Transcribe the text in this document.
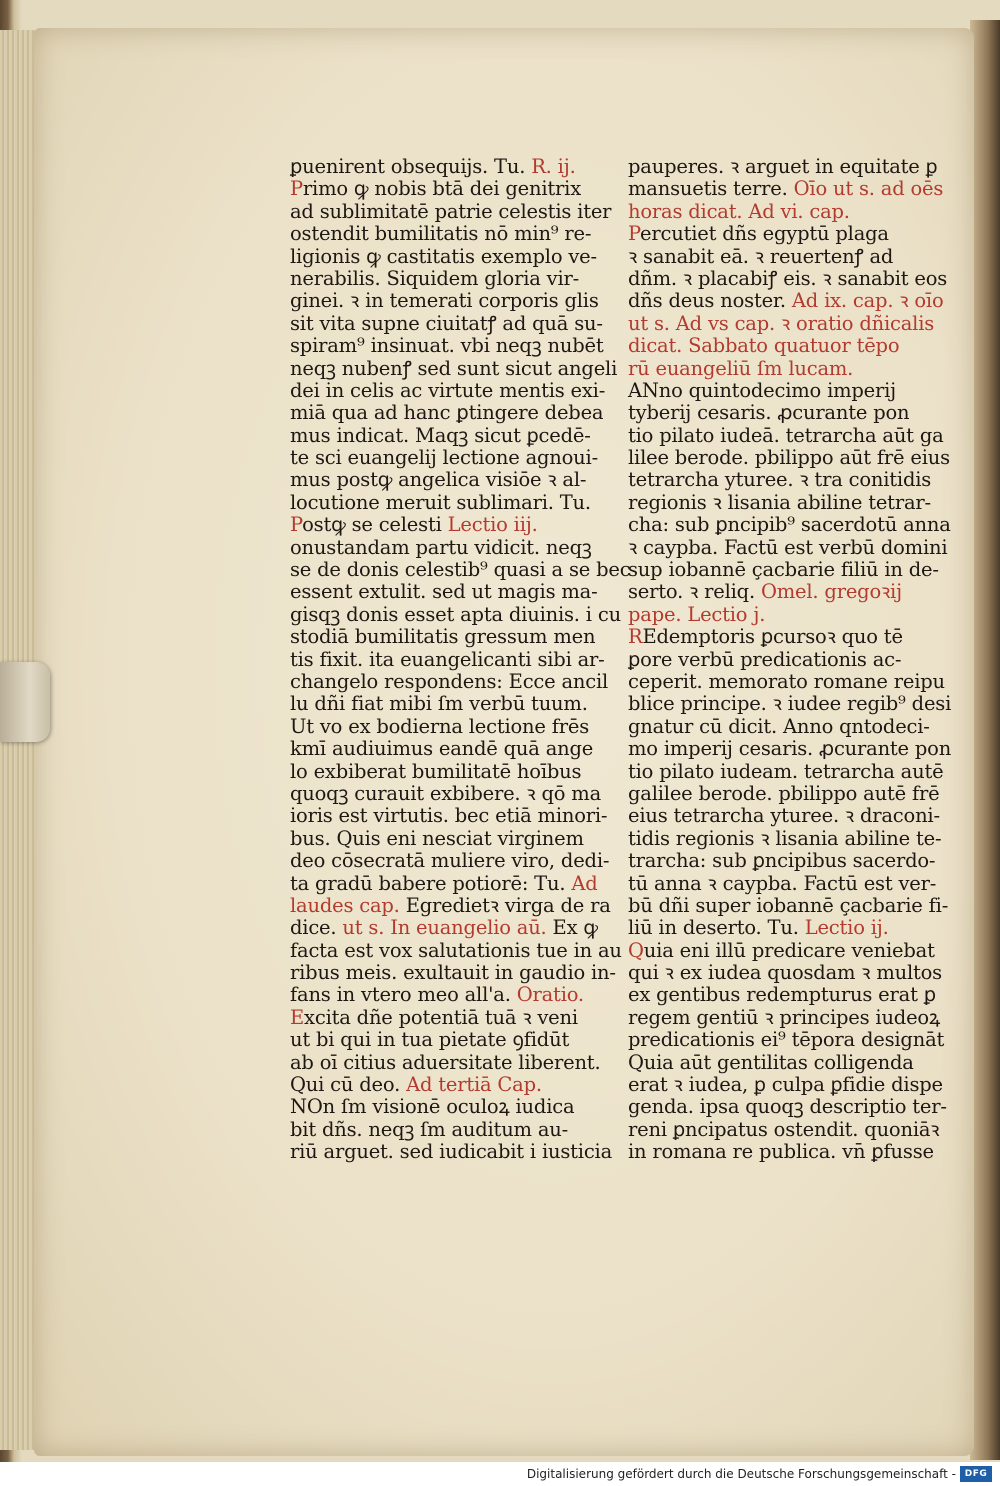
ꝑuenirent obsequijs. Tu. R. ij.
Primo ꝙ nobis btā dei genitrix
ad sublimitatē patrie celestis iter
ostendit bumilitatis nō min⁹ re-
ligionis ꝙ castitatis exemplo ve-
nerabilis. Siquidem gloria vir-
ginei. ꝛ in temerati corporis glis
sit vita supne ciuitatꝭ ad quā su-
spiram⁹ insinuat. vbi neqꝫ nubēt
neqꝫ nubenꝭ sed sunt sicut angeli
dei in celis ac virtute mentis exi-
miā qua ad hanc ꝑtingere debea
mus indicat. Maqꝫ sicut ꝑcedē-
te sci euangelij lectione agnoui-
mus postꝙ angelica visiōe ꝛ al-
locutione meruit sublimari. Tu.
Postꝙ se celesti Lectio iij.
onustandam partu vidicit. neqꝫ
se de donis celestib⁹ quasi a se bec
essent extulit. sed ut magis ma-
gisqꝫ donis esset apta diuinis. i cu
stodiā bumilitatis gressum men
tis fixit. ita euangelicanti sibi ar-
changelo respondens: Ecce ancil
lu dñi fiat mibi ſm verbū tuum.
Ut vo ex bodierna lectione frēs
kmī audiuimus eandē quā ange
lo exbiberat bumilitatē hoībus
quoqꝫ curauit exbibere. ꝛ qō ma
ioris est virtutis. bec etiā minori-
bus. Quis eni nesciat virginem
deo cōsecratā muliere viro, dedi-
ta gradū babere potiorē: Tu. Ad
laudes cap. Egredietꝛ virga de ra
dice. ut s. In euangelio aū. Ex ꝙ
facta est vox salutationis tue in au
ribus meis. exultauit in gaudio in-
fans in vtero meo all'a. Oratio.
Excita dñe potentiā tuā ꝛ veni
ut bi qui in tua pietate ꝯfidūt
ab oī citius aduersitate liberent.
Qui cū deo. Ad tertiā Cap.
NOn ſm visionē oculoꝝ iudica
bit dñs. neqꝫ ſm auditum au-
riū arguet. sed iudicabit i iusticia
pauperes. ꝛ arguet in equitate ꝑ
mansuetis terre. Oīo ut s. ad oēs
horas dicat. Ad vi. cap.
Percutiet dñs egyptū plaga
ꝛ sanabit eā. ꝛ reuertenꝭ ad
dñm. ꝛ placabiꝭ eis. ꝛ sanabit eos
dñs deus noster. Ad ix. cap. ꝛ oīo
ut s. Ad vs cap. ꝛ oratio dñicalis
dicat. Sabbato quatuor tēpo
rū euangeliū ſm lucam.
ANno quintodecimo imperij
tyberij cesaris. ꝓcurante pon
tio pilato iudeā. tetrarcha aūt ga
lilee berode. pbilippo aūt frē eius
tetrarcha yturee. ꝛ tra conitidis
regionis ꝛ lisania abiline tetrar-
cha: sub ꝑncipib⁹ sacerdotū anna
ꝛ caypba. Factū est verbū domini
sup iobannē çacbarie filiū in de-
serto. ꝛ reliq. Omel. gregoꝛij
pape. Lectio j.
REdemptoris ꝑcursoꝛ quo tē
ꝑore verbū predicationis ac-
ceperit. memorato romane reipu
blice principe. ꝛ iudee regib⁹ desi
gnatur cū dicit. Anno qntodeci-
mo imperij cesaris. ꝓcurante pon
tio pilato iudeam. tetrarcha autē
galilee berode. pbilippo autē frē
eius tetrarcha yturee. ꝛ draconi-
tidis regionis ꝛ lisania abiline te-
trarcha: sub ꝑncipibus sacerdo-
tū anna ꝛ caypba. Factū est ver-
bū dñi super iobannē çacbarie fi-
liū in deserto. Tu. Lectio ij.
Quia eni illū predicare veniebat
qui ꝛ ex iudea quosdam ꝛ multos
ex gentibus redempturus erat ꝑ
regem gentiū ꝛ principes iudeoꝝ
predicationis ei⁹ tēpora designāt
Quia aūt gentilitas colligenda
erat ꝛ iudea, ꝑ culpa ꝑfidie dispe
genda. ipsa quoqꝫ descriptio ter-
reni ꝑncipatus ostendit. quoniāꝛ
in romana re publica. vn̄ ꝑfusse
Digitalisierung gefördert durch die Deutsche Forschungsgemeinschaft - DFG
